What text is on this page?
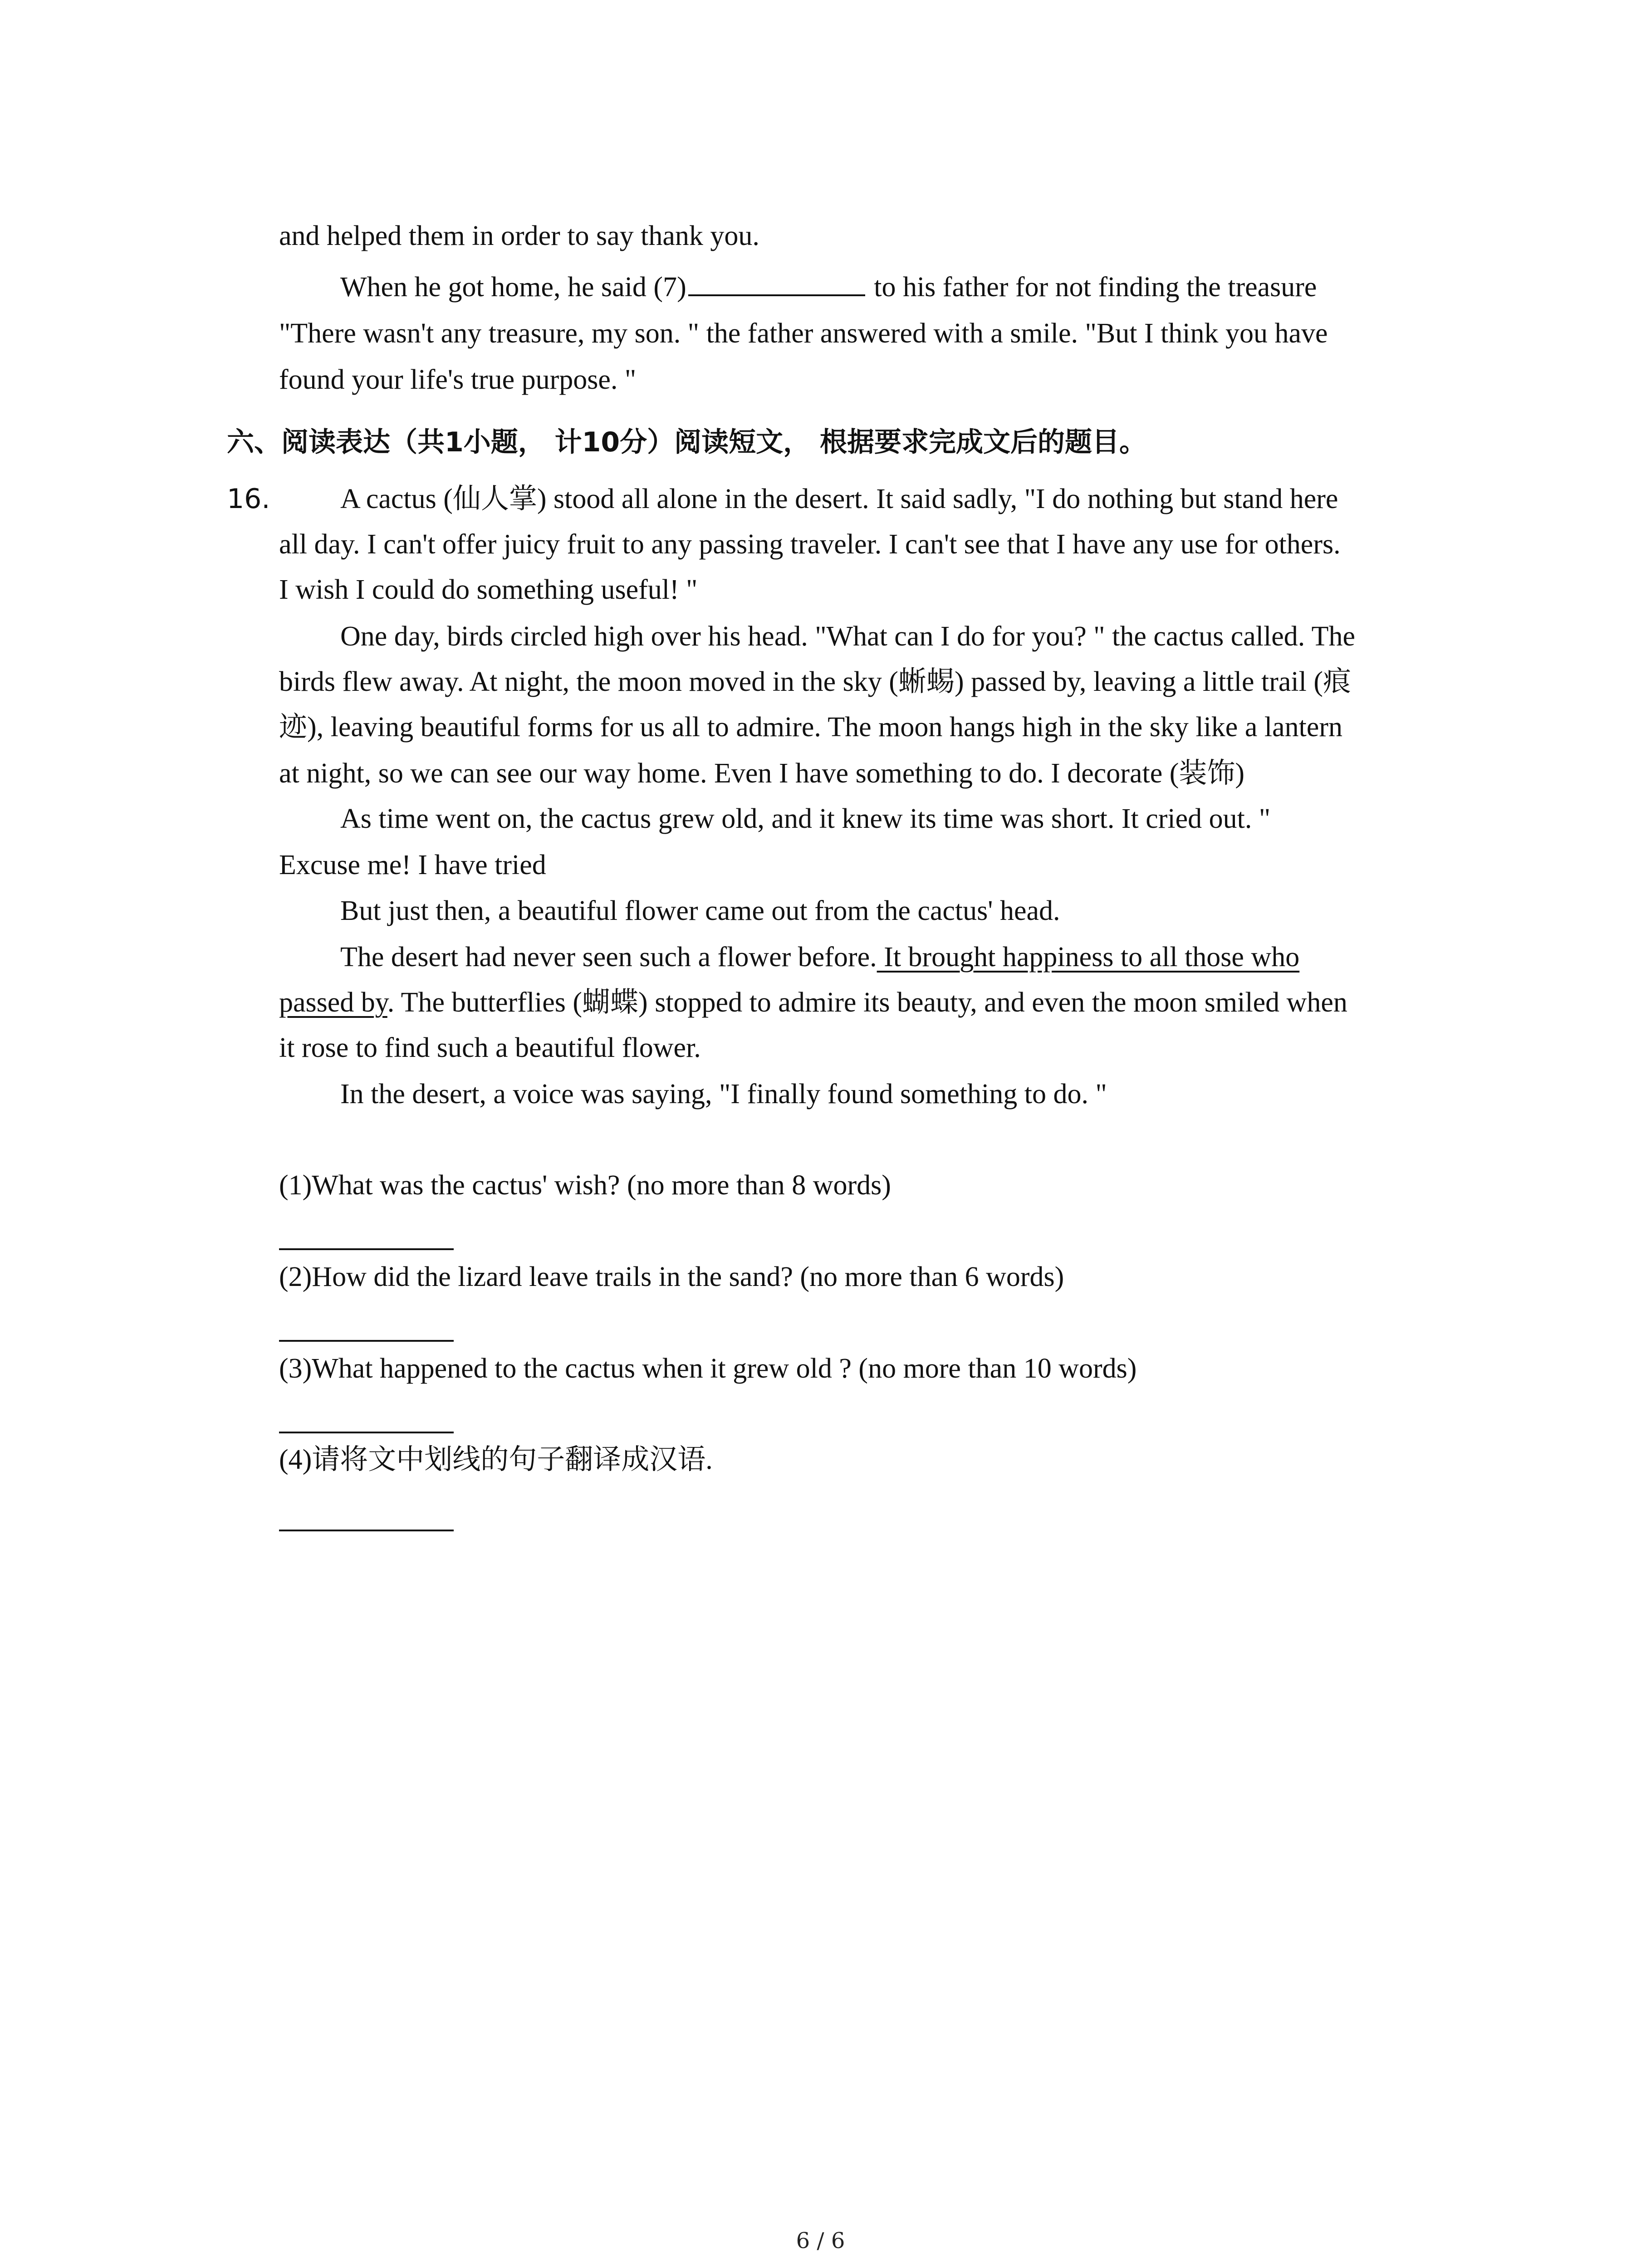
and helped them in order to say thank you.
When he got home, he said (7)	to his father for not finding the treasure
"There wasn't any treasure, my son. " the father answered with a smile. "But I think you have
found your life's true purpose. "
六、阅读表达（共1小题， 计10分）阅读短文， 根据要求完成文后的题目。
16. A cactus (仙人掌) stood all alone in the desert. It said sadly, "I do nothing but stand here
all day. I can't offer juicy fruit to any passing traveler. I can't see that I have any use for others.
I wish I could do something useful! "
One day, birds circled high over his head. "What can I do for you? " the cactus called. The
birds flew away. At night, the moon moved in the sky (蜥蜴) passed by, leaving a little trail (痕
迹), leaving beautiful forms for us all to admire. The moon hangs high in the sky like a lantern
at night, so we can see our way home. Even I have something to do. I decorate (装饰)
As time went on, the cactus grew old, and it knew its time was short. It cried out. "
Excuse me! I have tried
But just then, a beautiful flower came out from the cactus' head.
The desert had never seen such a flower before. It brought happiness to all those who
passed by. The butterflies (蝴蝶) stopped to admire its beauty, and even the moon smiled when
it rose to find such a beautiful flower.
In the desert, a voice was saying, "I finally found something to do. "
(1)What was the cactus' wish? (no more than 8 words)
(2)How did the lizard leave trails in the sand? (no more than 6 words)
(3)What happened to the cactus when it grew old ? (no more than 10 words)
(4)请将文中划线的句子翻译成汉语.
6 / 6
